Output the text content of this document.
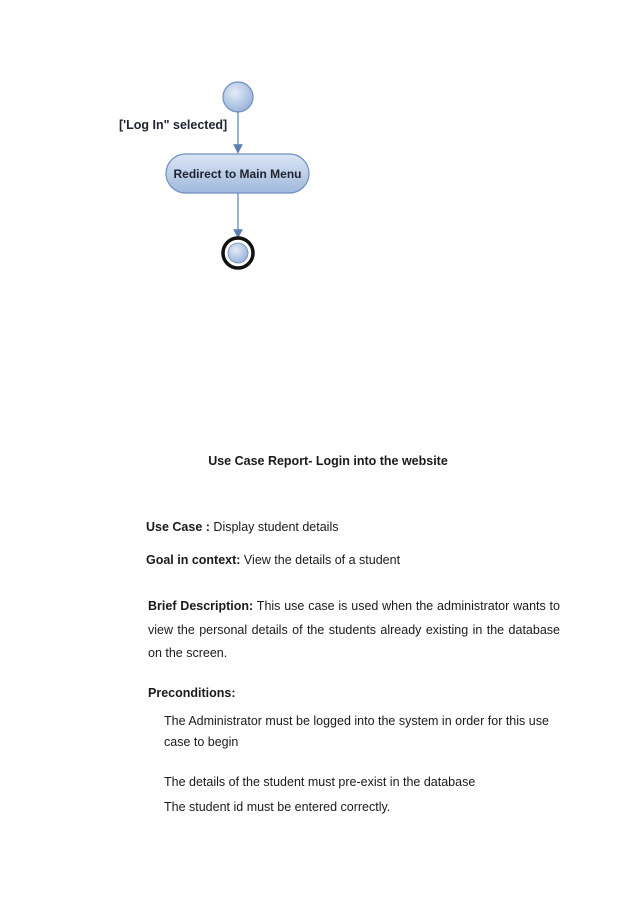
['Log In" selected]
Redirect to Main Menu
Use Case Report- Login into the website
Use Case : Display student details
Goal in context: View the details of a student
Brief Description: This use case is used when the administrator wants to view the personal details of the students already existing in the database on the screen.
Preconditions:
The Administrator must be logged into the system in order for this use case to begin
The details of the student must pre-exist in the database
The student id must be entered correctly.
